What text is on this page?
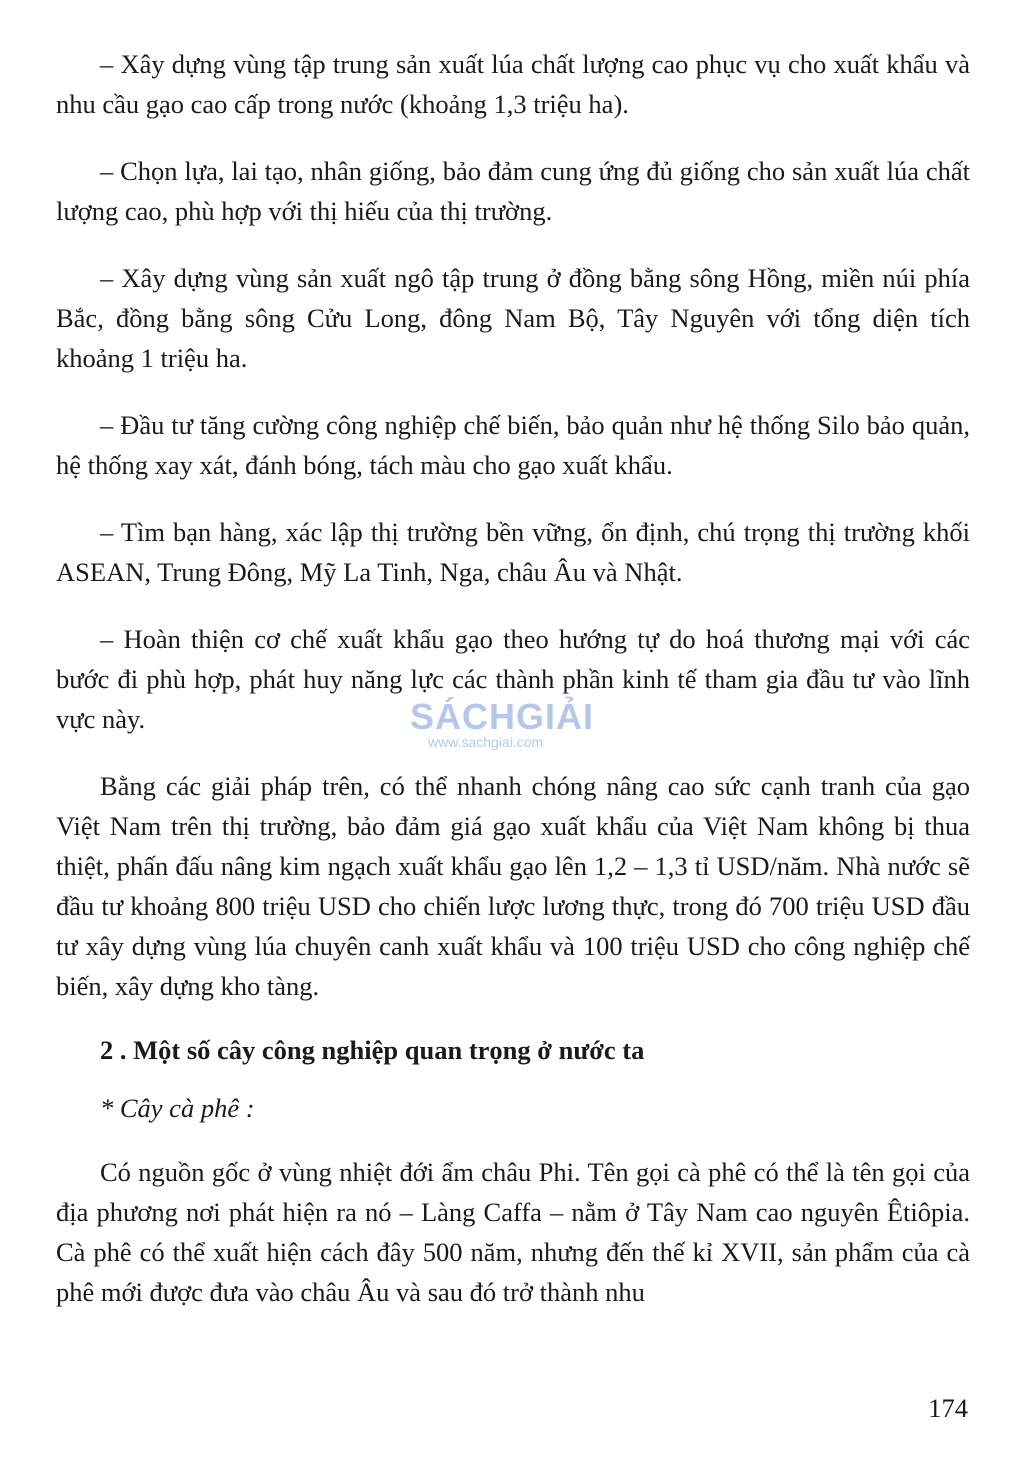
– Xây dựng vùng tập trung sản xuất lúa chất lượng cao phục vụ cho xuất khẩu và nhu cầu gạo cao cấp trong nước (khoảng 1,3 triệu ha).

– Chọn lựa, lai tạo, nhân giống, bảo đảm cung ứng đủ giống cho sản xuất lúa chất lượng cao, phù hợp với thị hiếu của thị trường.

– Xây dựng vùng sản xuất ngô tập trung ở đồng bằng sông Hồng, miền núi phía Bắc, đồng bằng sông Cửu Long, đông Nam Bộ, Tây Nguyên với tổng diện tích khoảng 1 triệu ha.

– Đầu tư tăng cường công nghiệp chế biến, bảo quản như hệ thống Silo bảo quản, hệ thống xay xát, đánh bóng, tách màu cho gạo xuất khẩu.

– Tìm bạn hàng, xác lập thị trường bền vững, ổn định, chú trọng thị trường khối ASEAN, Trung Đông, Mỹ La Tinh, Nga, châu Âu và Nhật.

– Hoàn thiện cơ chế xuất khẩu gạo theo hướng tự do hoá thương mại với các bước đi phù hợp, phát huy năng lực các thành phần kinh tế tham gia đầu tư vào lĩnh vực này.

Bằng các giải pháp trên, có thể nhanh chóng nâng cao sức cạnh tranh của gạo Việt Nam trên thị trường, bảo đảm giá gạo xuất khẩu của Việt Nam không bị thua thiệt, phấn đấu nâng kim ngạch xuất khẩu gạo lên 1,2 – 1,3 tỉ USD/năm. Nhà nước sẽ đầu tư khoảng 800 triệu USD cho chiến lược lương thực, trong đó 700 triệu USD đầu tư xây dựng vùng lúa chuyên canh xuất khẩu và 100 triệu USD cho công nghiệp chế biến, xây dựng kho tàng.

2 . Một số cây công nghiệp quan trọng ở nước ta

* Cây cà phê :

Có nguồn gốc ở vùng nhiệt đới ẩm châu Phi. Tên gọi cà phê có thể là tên gọi của địa phương nơi phát hiện ra nó – Làng Caffa – nằm ở Tây Nam cao nguyên Êtiôpia. Cà phê có thể xuất hiện cách đây 500 năm, nhưng đến thế kỉ XVII, sản phẩm của cà phê mới được đưa vào châu Âu và sau đó trở thành nhu

SÁCHGIẢI
www.sachgiai.com
174
